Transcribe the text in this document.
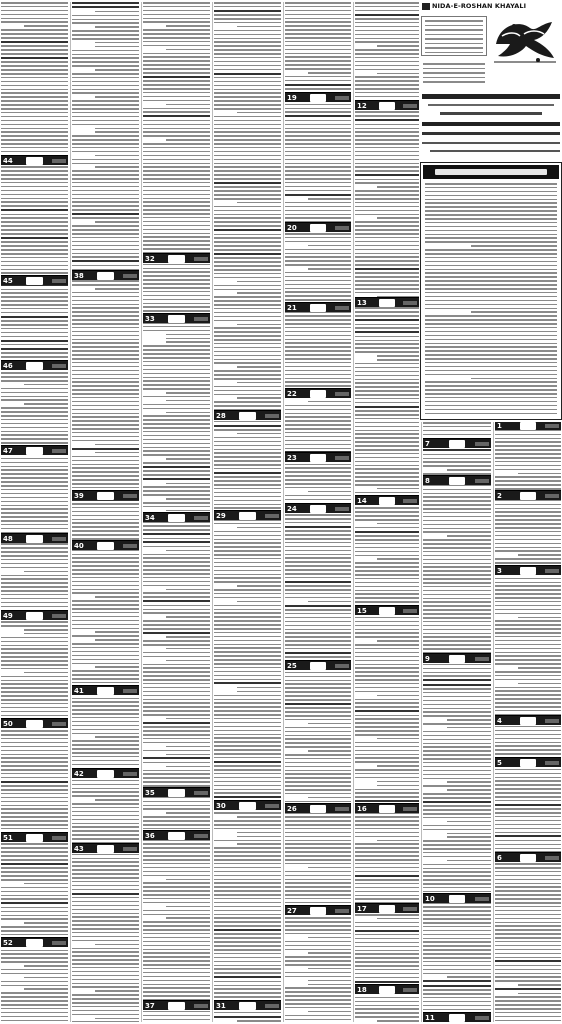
NIDA-E-ROSHAN KHAYALI
44
45
46
47
48
49
50
51
52
38
39
40
41
42
43
32
33
34
35
36
37
28
29
30
31
19
20
21
22
23
24
25
26
27
12
13
14
15
16
17
18
7
8
9
10
11
1
2
3
4
5
6
